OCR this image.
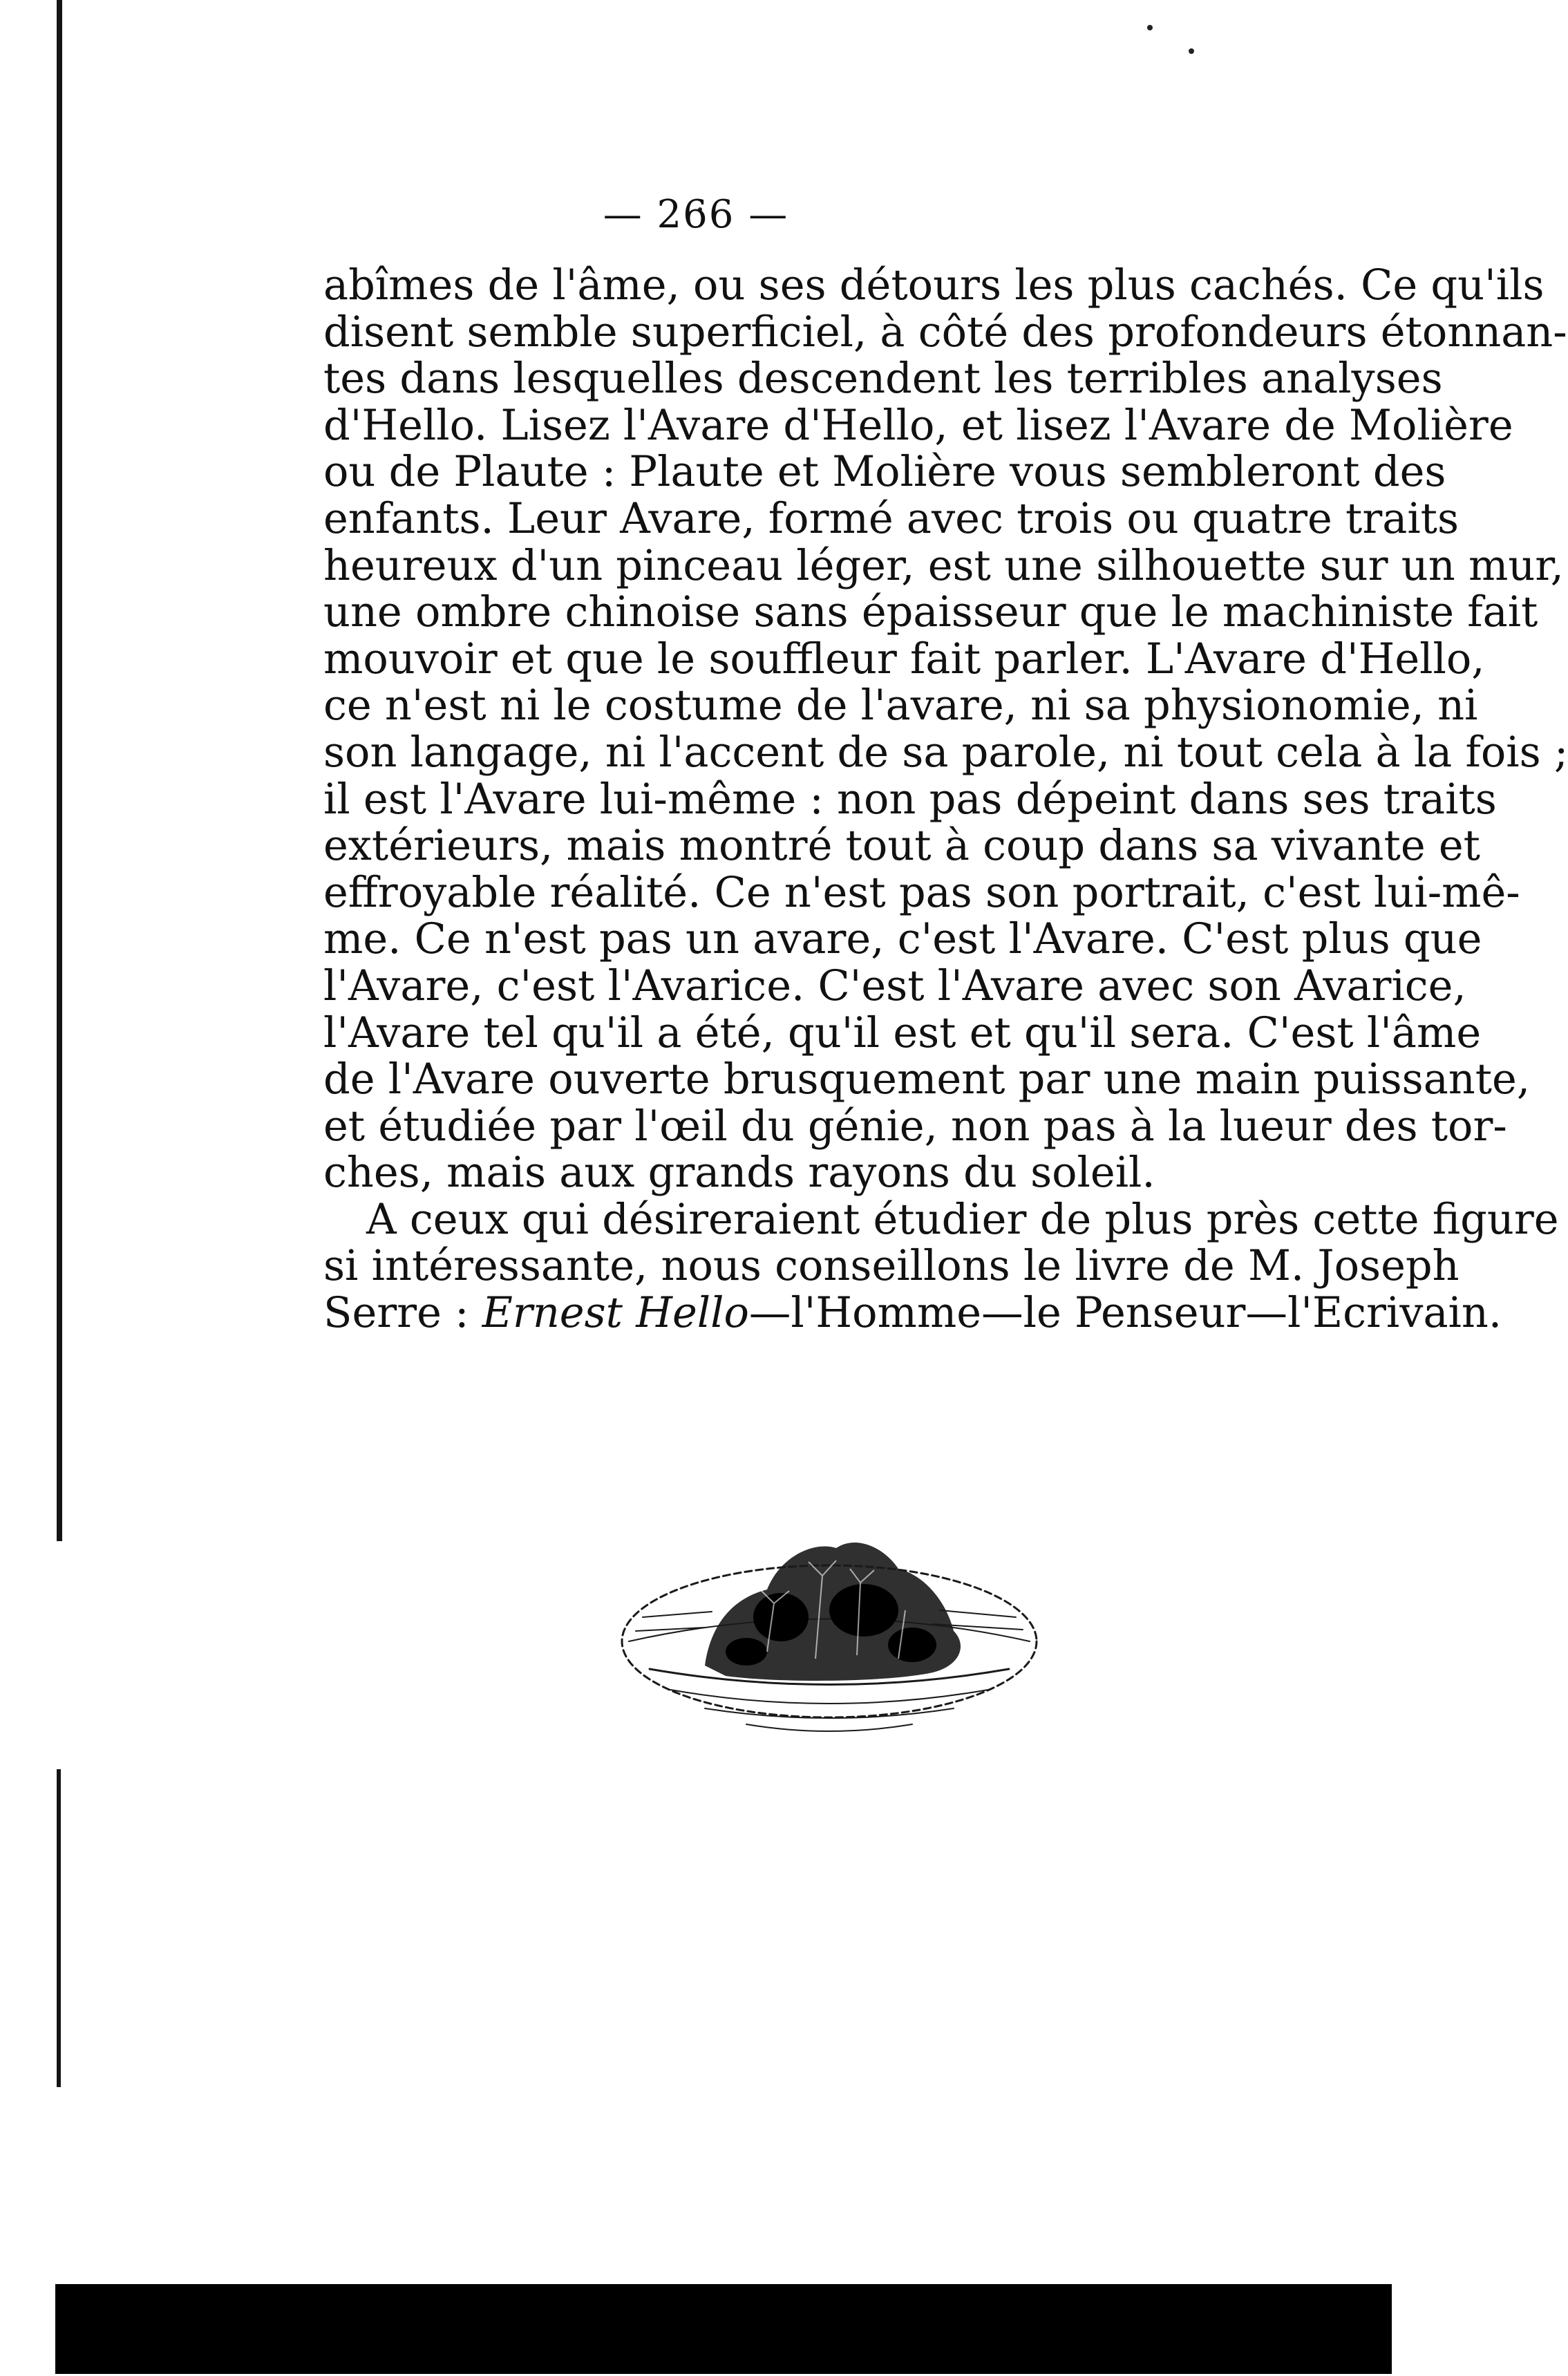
— 266 —

abîmes de l'âme, ou ses détours les plus cachés. Ce qu'ils

disent semble superficiel, à côté des profondeurs étonnan-

tes dans lesquelles descendent les terribles analyses

d'Hello. Lisez l'Avare d'Hello, et lisez l'Avare de Molière

ou de Plaute : Plaute et Molière vous sembleront des

enfants. Leur Avare, formé avec trois ou quatre traits

heureux d'un pinceau léger, est une silhouette sur un mur,

une ombre chinoise sans épaisseur que le machiniste fait

mouvoir et que le souffleur fait parler. L'Avare d'Hello,

ce n'est ni le costume de l'avare, ni sa physionomie, ni

son langage, ni l'accent de sa parole, ni tout cela à la fois ;

il est l'Avare lui-même : non pas dépeint dans ses traits

extérieurs, mais montré tout à coup dans sa vivante et

effroyable réalité. Ce n'est pas son portrait, c'est lui-mê-

me. Ce n'est pas un avare, c'est l'Avare. C'est plus que

l'Avare, c'est l'Avarice. C'est l'Avare avec son Avarice,

l'Avare tel qu'il a été, qu'il est et qu'il sera. C'est l'âme

de l'Avare ouverte brusquement par une main puissante,

et étudiée par l'œil du génie, non pas à la lueur des tor-

ches, mais aux grands rayons du soleil.

A ceux qui désireraient étudier de plus près cette figure

si intéressante, nous conseillons le livre de M. Joseph

Serre : Ernest Hello—l'Homme—le Penseur—l'Ecrivain.
